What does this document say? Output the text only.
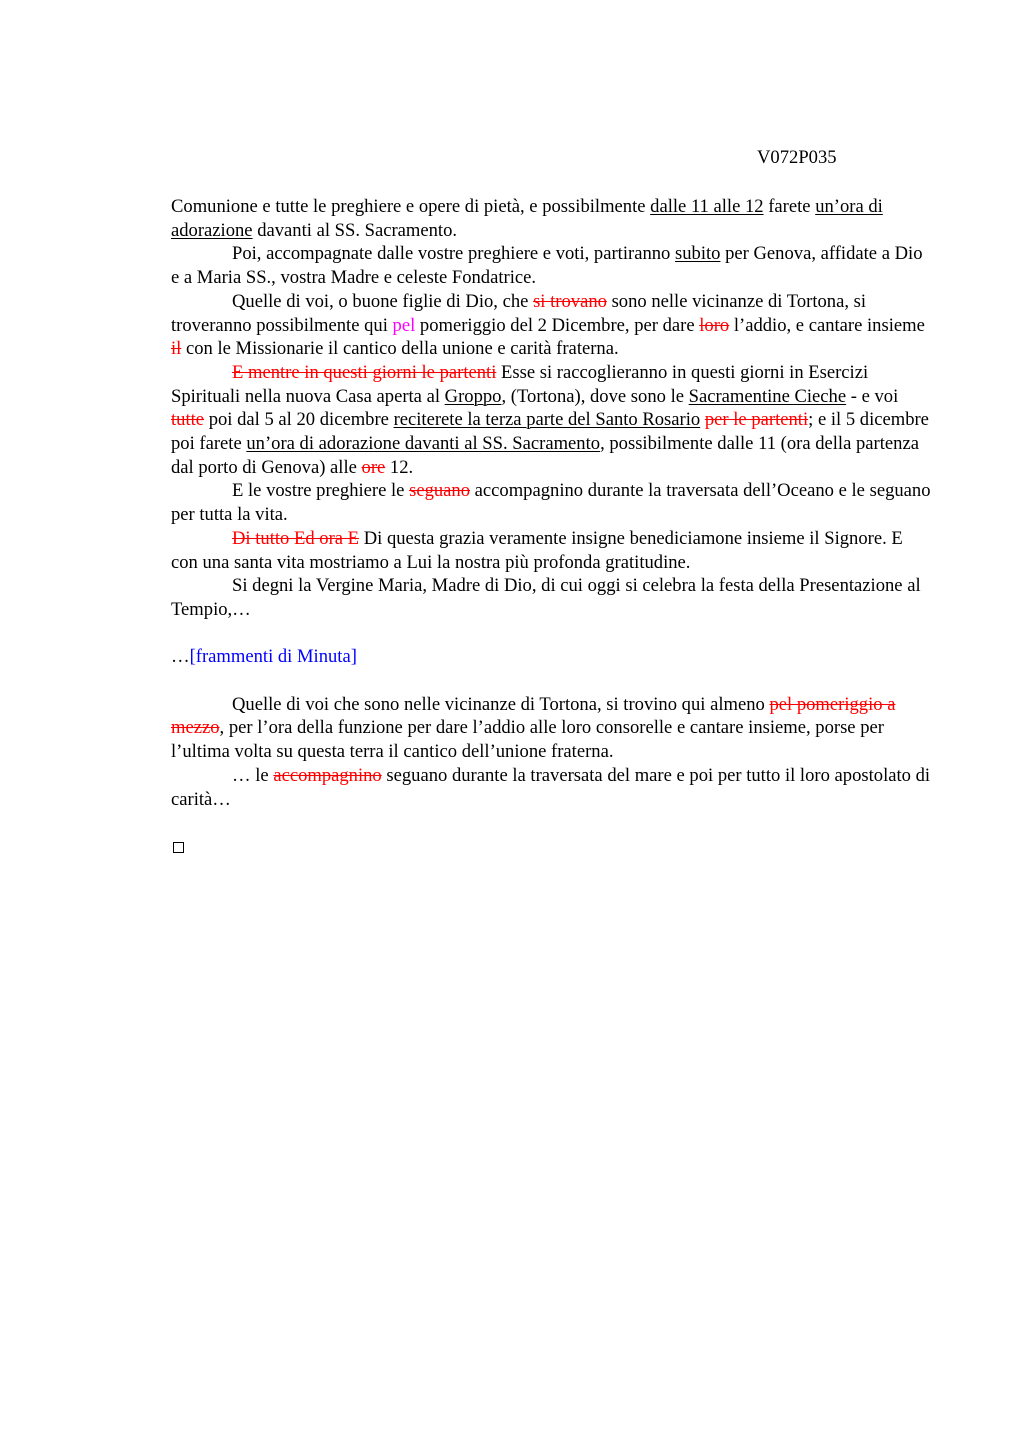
V072P035

Comunione e tutte le preghiere e opere di pietà, e possibilmente dalle 11 alle 12 farete un’ora di adorazione davanti al SS. Sacramento.

Poi, accompagnate dalle vostre preghiere e voti, partiranno subito per Genova, affidate a Dio e a Maria SS., vostra Madre e celeste Fondatrice.

Quelle di voi, o buone figlie di Dio, che si trovano sono nelle vicinanze di Tortona, si troveranno possibilmente qui pel pomeriggio del 2 Dicembre, per dare loro l’addio, e cantare insieme il con le Missionarie il cantico della unione e carità fraterna.

E mentre in questi giorni le partenti Esse si raccoglieranno in questi giorni in Esercizi Spirituali nella nuova Casa aperta al Groppo, (Tortona), dove sono le Sacramentine Cieche - e voi tutte poi dal 5 al 20 dicembre reciterete la terza parte del Santo Rosario per le partenti; e il 5 dicembre poi farete un’ora di adorazione davanti al SS. Sacramento, possibilmente dalle 11 (ora della partenza dal porto di Genova) alle ore 12.

E le vostre preghiere le seguano accompagnino durante la traversata dell’Oceano e le seguano per tutta la vita.

Di tutto Ed ora E Di questa grazia veramente insigne benediciamone insieme il Signore. E con una santa vita mostriamo a Lui la nostra più profonda gratitudine.

Si degni la Vergine Maria, Madre di Dio, di cui oggi si celebra la festa della Presentazione al Tempio,…

…[frammenti di Minuta]

Quelle di voi che sono nelle vicinanze di Tortona, si trovino qui almeno pel pomeriggio a mezzo, per l’ora della funzione per dare l’addio alle loro consorelle e cantare insieme, porse per l’ultima volta su questa terra il cantico dell’unione fraterna.

… le accompagnino seguano durante la traversata del mare e poi per tutto il loro apostolato di carità…
